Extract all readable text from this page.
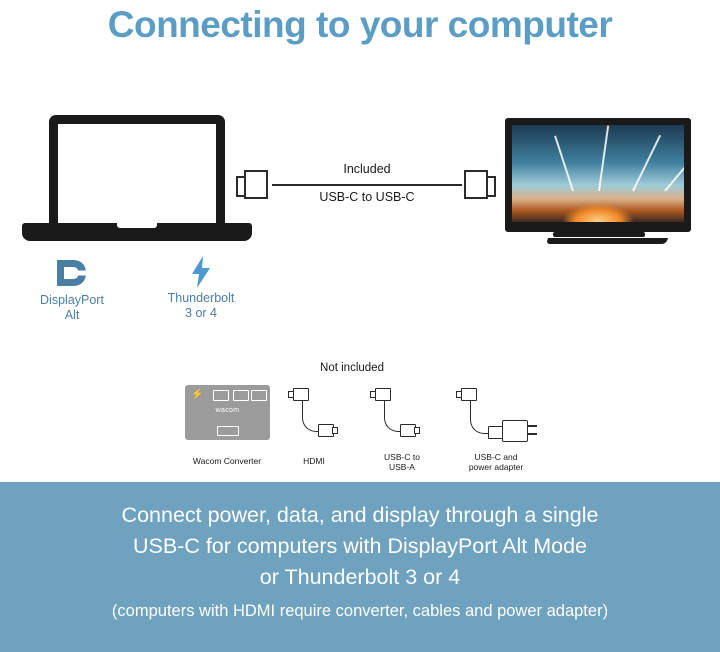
Connecting to your computer
DisplayPort
Alt
Thunderbolt
3 or 4
Included
USB-C to USB-C
Not included
⚡
wacom
Wacom Converter	HDMI	USB-C to
USB-A
USB-C and
power adapter
Connect power, data, and display through a single
USB-C for computers with DisplayPort Alt Mode
or Thunderbolt 3 or 4
(computers with HDMI require converter, cables and power adapter)
